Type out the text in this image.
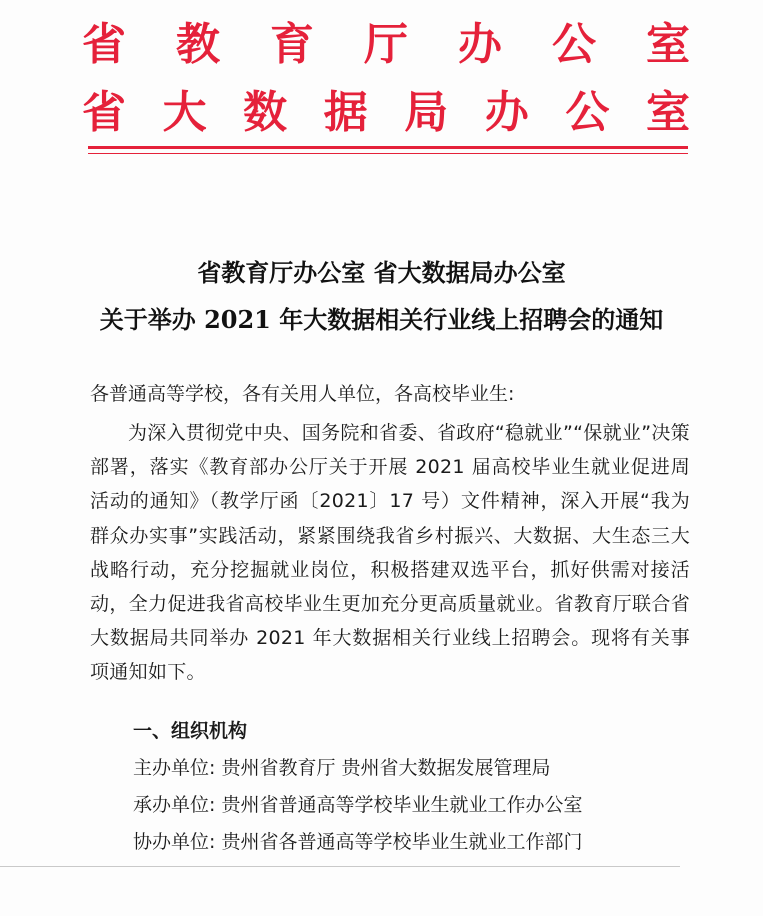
省 教 育 厅 办 公 室
省 大 数 据 局 办 公 室
省教育厅办公室 省大数据局办公室
关于举办 2021 年大数据相关行业线上招聘会的通知
各普通高等学校，各有关用人单位，各高校毕业生:
为深入贯彻党中央、国务院和省委、省政府“稳就业”“保就业”决策部署，落实《教育部办公厅关于开展 2021 届高校毕业生就业促进周活动的通知》（教学厅函〔2021〕17 号）文件精神，深入开展“我为群众办实事”实践活动，紧紧围绕我省乡村振兴、大数据、大生态三大战略行动，充分挖掘就业岗位，积极搭建双选平台，抓好供需对接活动，全力促进我省高校毕业生更加充分更高质量就业。省教育厅联合省大数据局共同举办 2021 年大数据相关行业线上招聘会。现将有关事项通知如下。
一、组织机构
主办单位: 贵州省教育厅 贵州省大数据发展管理局
承办单位: 贵州省普通高等学校毕业生就业工作办公室
协办单位: 贵州省各普通高等学校毕业生就业工作部门
